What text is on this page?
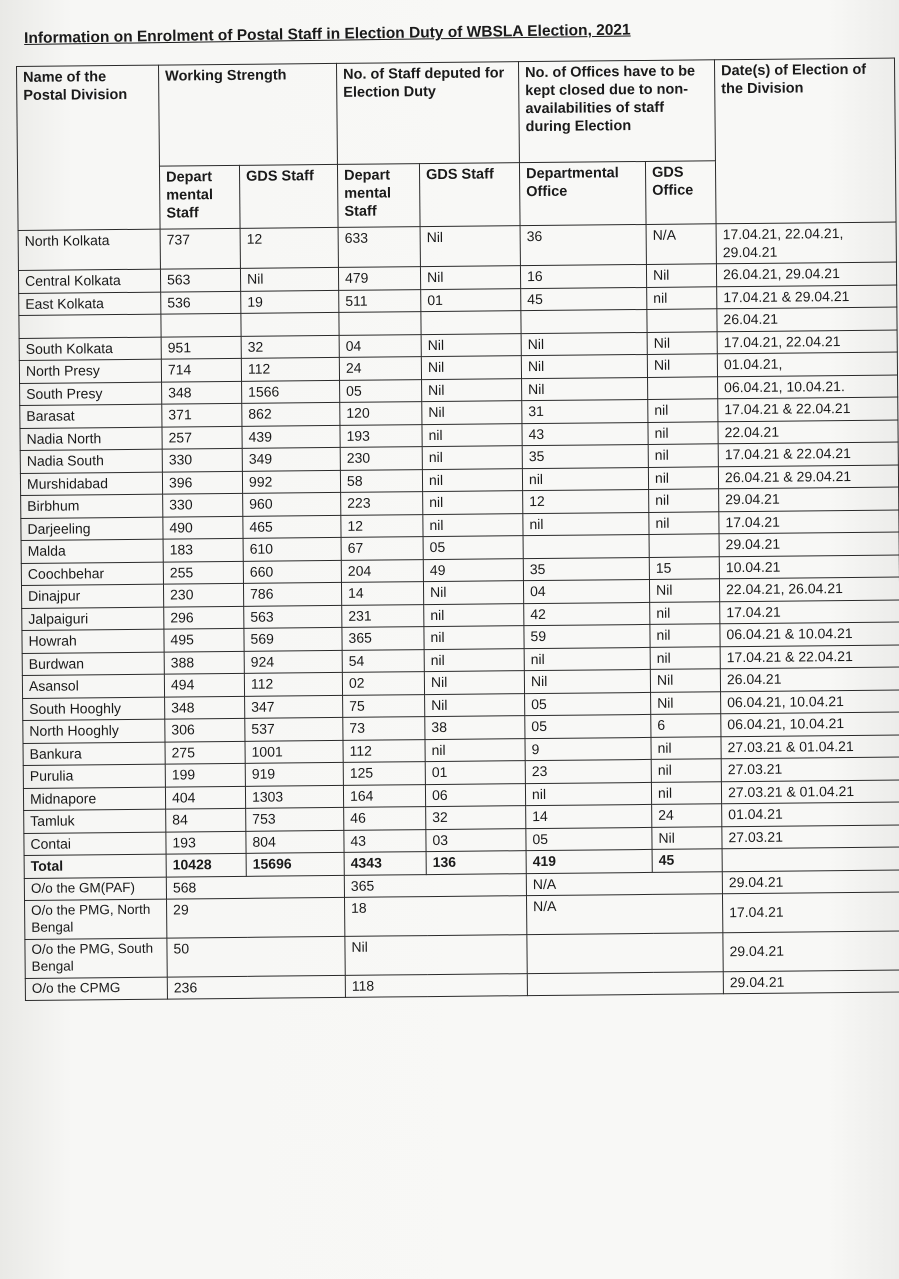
Information on Enrolment of Postal Staff in Election Duty of WBSLA Election, 2021
Name of the Postal Division	Working Strength		No. of Staff deputed for Election Duty		No. of Offices have to be kept closed due to non-availabilities of staff during Election		Date(s) of Election of the Division
	Depart mental Staff	GDS Staff	Depart mental Staff	GDS Staff	Departmental Office	GDS Office	
North Kolkata	737	12	633	Nil	36	N/A	17.04.21, 22.04.21, 29.04.21
Central Kolkata	563	Nil	479	Nil	16	Nil	26.04.21, 29.04.21
East Kolkata	536	19	511	01	45	nil	17.04.21 & 29.04.21
							26.04.21
South Kolkata	951	32	04	Nil	Nil	Nil	17.04.21, 22.04.21
North Presy	714	112	24	Nil	Nil	Nil	01.04.21,
South Presy	348	1566	05	Nil	Nil		06.04.21, 10.04.21.
Barasat	371	862	120	Nil	31	nil	17.04.21 & 22.04.21
Nadia North	257	439	193	nil	43	nil	22.04.21
Nadia South	330	349	230	nil	35	nil	17.04.21 & 22.04.21
Murshidabad	396	992	58	nil	nil	nil	26.04.21 & 29.04.21
Birbhum	330	960	223	nil	12	nil	29.04.21
Darjeeling	490	465	12	nil	nil	nil	17.04.21
Malda	183	610	67	05			29.04.21
Coochbehar	255	660	204	49	35	15	10.04.21
Dinajpur	230	786	14	Nil	04	Nil	22.04.21, 26.04.21
Jalpaiguri	296	563	231	nil	42	nil	17.04.21
Howrah	495	569	365	nil	59	nil	06.04.21 & 10.04.21
Burdwan	388	924	54	nil	nil	nil	17.04.21 & 22.04.21
Asansol	494	112	02	Nil	Nil	Nil	26.04.21
South Hooghly	348	347	75	Nil	05	Nil	06.04.21, 10.04.21
North Hooghly	306	537	73	38	05	6	06.04.21, 10.04.21
Bankura	275	1001	112	nil	9	nil	27.03.21 & 01.04.21
Purulia	199	919	125	01	23	nil	27.03.21
Midnapore	404	1303	164	06	nil	nil	27.03.21 & 01.04.21
Tamluk	84	753	46	32	14	24	01.04.21
Contai	193	804	43	03	05	Nil	27.03.21
Total	10428	15696	4343	136	419	45	
O/o the GM(PAF)	568		365		N/A		29.04.21
O/o the PMG, North Bengal	29		18		N/A		17.04.21
O/o the PMG, South Bengal	50		Nil				29.04.21
O/o the CPMG	236		118				29.04.21
